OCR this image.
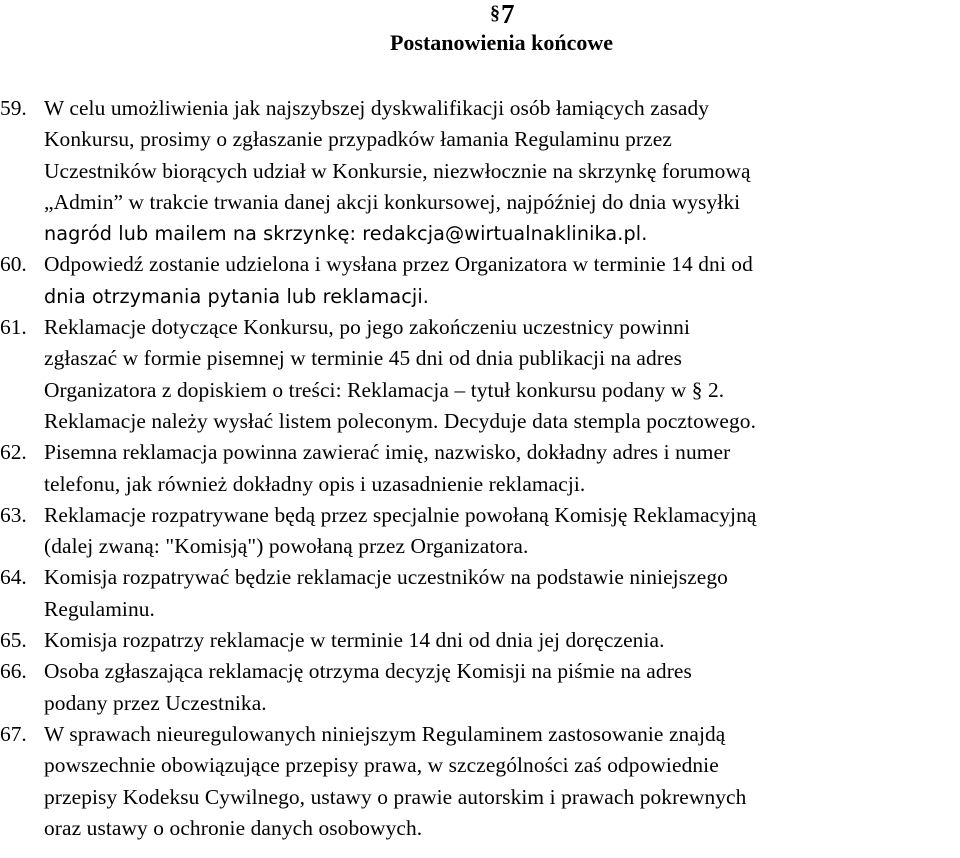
§7
Postanowienia końcowe
59. W celu umożliwienia jak najszybszej dyskwalifikacji osób łamiących zasady
Konkursu, prosimy o zgłaszanie przypadków łamania Regulaminu przez
Uczestników biorących udział w Konkursie, niezwłocznie na skrzynkę forumową
„Admin” w trakcie trwania danej akcji konkursowej, najpóźniej do dnia wysyłki
nagród lub mailem na skrzynkę: redakcja@wirtualnaklinika.pl.
60. Odpowiedź zostanie udzielona i wysłana przez Organizatora w terminie 14 dni od
dnia otrzymania pytania lub reklamacji.
61. Reklamacje dotyczące Konkursu, po jego zakończeniu uczestnicy powinni
zgłaszać w formie pisemnej w terminie 45 dni od dnia publikacji na adres
Organizatora z dopiskiem o treści: Reklamacja – tytuł konkursu podany w § 2.
Reklamacje należy wysłać listem poleconym. Decyduje data stempla pocztowego.
62. Pisemna reklamacja powinna zawierać imię, nazwisko, dokładny adres i numer
telefonu, jak również dokładny opis i uzasadnienie reklamacji.
63. Reklamacje rozpatrywane będą przez specjalnie powołaną Komisję Reklamacyjną
(dalej zwaną: "Komisją") powołaną przez Organizatora.
64. Komisja rozpatrywać będzie reklamacje uczestników na podstawie niniejszego
Regulaminu.
65. Komisja rozpatrzy reklamacje w terminie 14 dni od dnia jej doręczenia.
66. Osoba zgłaszająca reklamację otrzyma decyzję Komisji na piśmie na adres
podany przez Uczestnika.
67. W sprawach nieuregulowanych niniejszym Regulaminem zastosowanie znajdą
powszechnie obowiązujące przepisy prawa, w szczególności zaś odpowiednie
przepisy Kodeksu Cywilnego, ustawy o prawie autorskim i prawach pokrewnych
oraz ustawy o ochronie danych osobowych.
